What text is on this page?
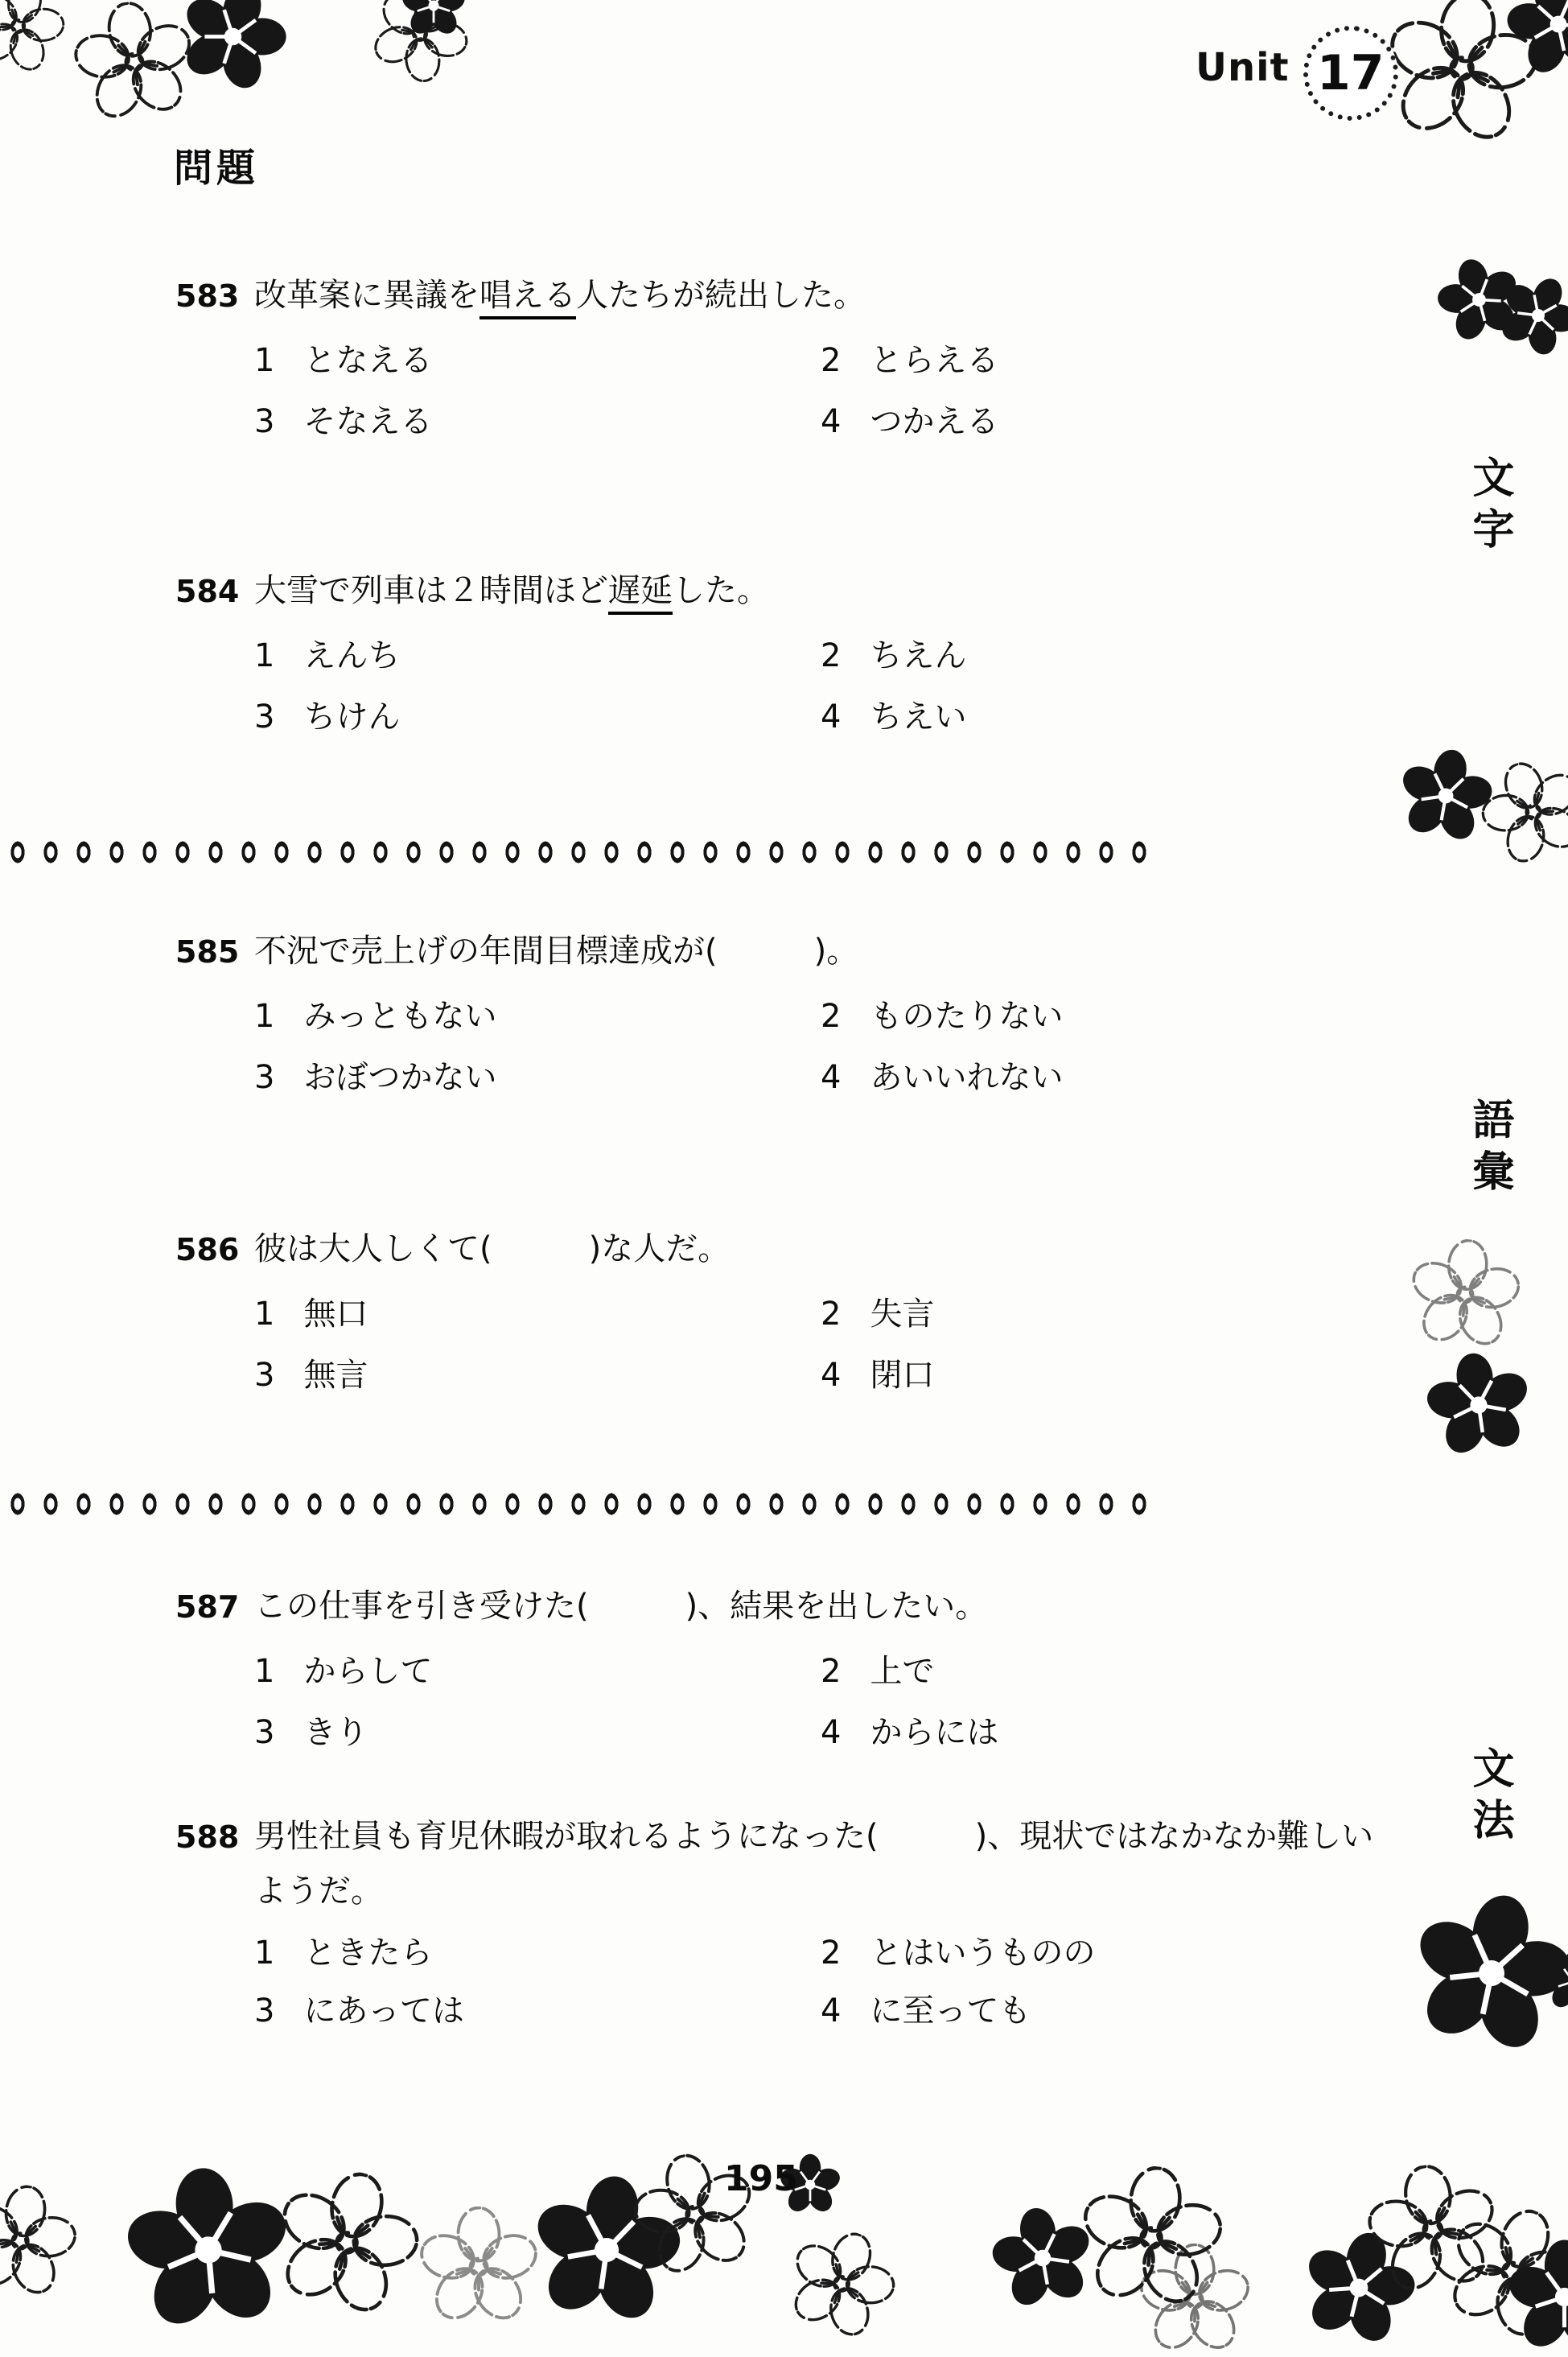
Unit 17
問題
文字
語彙
文法
583 改革案に異議を唱える人たちが続出した。
1 となえる	2 とらえる
3 そなえる	4 つかえる
584 大雪で列車は２時間ほど遅延した。
1 えんち	2 ちえん
3 ちけん	4 ちえい
585 不況で売上げの年間目標達成が(　　　)。
1 みっともない	2 ものたりない
3 おぼつかない	4 あいいれない
586 彼は大人しくて(　　　)な人だ。
1 無口	2 失言
3 無言	4 閉口
587 この仕事を引き受けた(　　　)、結果を出したい。
1 からして	2 上で
3 きり	4 からには
588 男性社員も育児休暇が取れるようになった(　　　)、現状ではなかなか難しいようだ。
1 ときたら	2 とはいうものの
3 にあっては	4 に至っても
195
